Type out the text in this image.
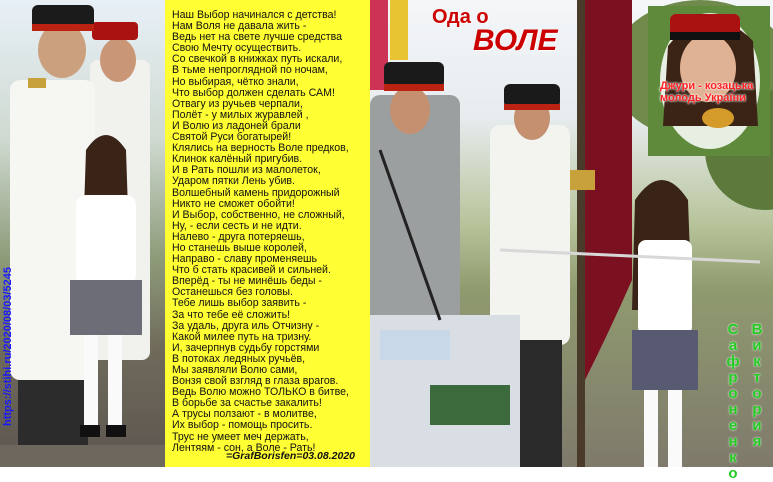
Наш Выбор начинался с детства!
Нам Воля не давала жить -
Ведь нет на свете лучше средства
Свою Мечту осуществить.
Со свечкой в книжках путь искали,
В тьме непроглядной по ночам,
Но выбирая, чётко знали,
Что выбор должен сделать САМ!
Отвагу из ручьев черпали,
Полёт - у милых журавлей ,
И Волю из ладоней брали
Святой Руси богатырей!
Клялись на верность Воле предков,
Клинок калёный пригубив.
И в Рать пошли из малолеток,
Ударом пятки Лень убив.
Волшебный камень придорожный
Никто не сможет обойти!
И Выбор, собственно, не сложный,
Ну, - если сесть и не идти.
Налево - друга потеряешь,
Но станешь выше королей,
Направо - славу променяешь
Что б стать красивей и сильней.
Вперёд - ты не минёшь беды -
Останешься без головы.
Тебе лишь выбор заявить -
За что тебе её сложить!
За удаль, друга иль Отчизну -
Какой милее путь на тризну.
И, зачерпнув судьбу горстями
В потоках ледяных ручьёв,
Мы заявляли Волю сами,
Вонзя свой взгляд в глаза врагов.
Ведь Волю можно ТОЛЬКО в битве,
В борьбе за счастье закалить!
А трусы ползают - в молитве,
Их выбор - помощь просить.
Трус не умеет меч держать,
Лентяям - сон, а Воле - Рать!
=GrafBorisfen=03.08.2020
https://stihi.ru/2020/08/03/5245
Ода о
ВОЛЕ
Джури - козацька
молодь України
С
а
ф
р
о
н
е
н
к
о
В
и
к
т
о
р
и
я
